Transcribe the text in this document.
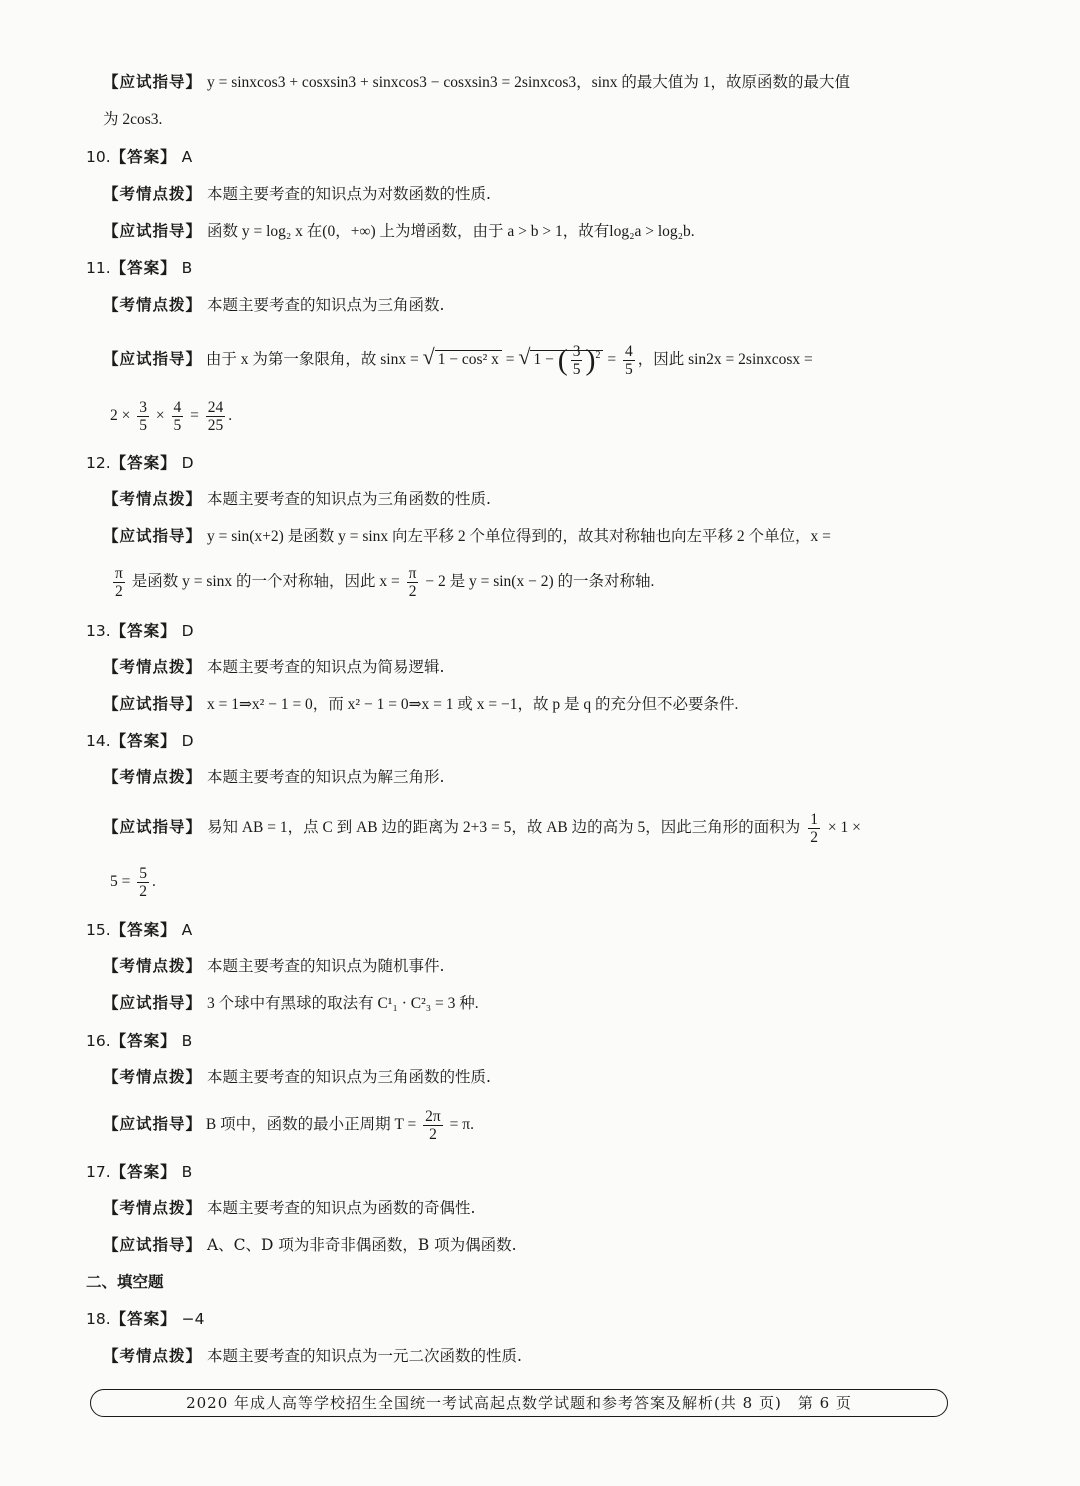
【应试指导】 y = sinxcos3 + cosxsin3 + sinxcos3 − cosxsin3 = 2sinxcos3，sinx 的最大值为 1，故原函数的最大值
为 2cos3.
10.【答案】 A
【考情点拨】 本题主要考查的知识点为对数函数的性质.
【应试指导】 函数 y = log₂ x 在(0，+∞) 上为增函数，由于 a > b > 1，故有log₂a > log₂b.
11.【答案】 B
【考情点拨】 本题主要考查的知识点为三角函数.
【应试指导】 由于 x 为第一象限角，故 sinx = √ 1 − cos² x = √ 1 − ( $\frac{3}{5} )^2 = \frac{4}{5}$ ，因此 sin2x = 2sinxcosx =
$2 \times \frac{3}{5} \times \frac{4}{5} = \frac{24}{25}$ .
12.【答案】 D
【考情点拨】 本题主要考查的知识点为三角函数的性质.
【应试指导】 y = sin(x+2) 是函数 y = sinx 向左平移 2 个单位得到的，故其对称轴也向左平移 2 个单位，x =
$\frac{\pi}{2}$ 是函数 y = sinx 的一个对称轴，因此 $x = \frac{\pi}{2} - 2$ 是 y = sin(x − 2) 的一条对称轴.
13.【答案】 D
【考情点拨】 本题主要考查的知识点为简易逻辑.
【应试指导】 x = 1⇒x² − 1 = 0，而 x² − 1 = 0⇒x = 1 或 x = −1，故 p 是 q 的充分但不必要条件.
14.【答案】 D
【考情点拨】 本题主要考查的知识点为解三角形.
【应试指导】 易知 AB = 1，点 C 到 AB 边的距离为 2+3 = 5，故 AB 边的高为 5，因此三角形的面积为 $\frac{1}{2} \times 1$ ×
$5 = \frac{5}{2}$ .
15.【答案】 A
【考情点拨】 本题主要考查的知识点为随机事件.
【应试指导】 3 个球中有黑球的取法有 C¹₁ · C²₃ = 3 种.
16.【答案】 B
【考情点拨】 本题主要考查的知识点为三角函数的性质.
【应试指导】 B 项中，函数的最小正周期 $T = \frac{2\pi}{2} = \pi$.
17.【答案】 B
【考情点拨】 本题主要考查的知识点为函数的奇偶性.
【应试指导】 A、C、D 项为非奇非偶函数，B 项为偶函数.
二、填空题
18.【答案】 −4
【考情点拨】 本题主要考查的知识点为一元二次函数的性质.
2020 年成人高等学校招生全国统一考试高起点数学试题和参考答案及解析(共 8 页)　第 6 页
